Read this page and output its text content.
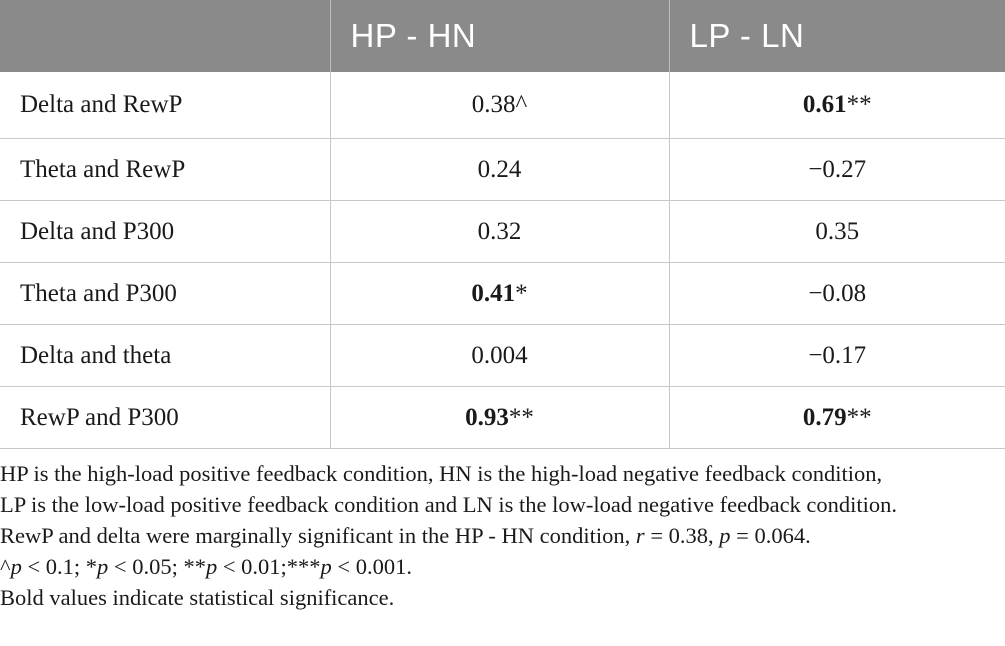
	HP - HN	LP - LN
Delta and RewP	0.38^	0.61**
Theta and RewP	0.24	−0.27
Delta and P300	0.32	0.35
Theta and P300	0.41*	−0.08
Delta and theta	0.004	−0.17
RewP and P300	0.93**	0.79**
HP is the high-load positive feedback condition, HN is the high-load negative feedback condition,
LP is the low-load positive feedback condition and LN is the low-load negative feedback condition.
RewP and delta were marginally significant in the HP - HN condition, r = 0.38, p = 0.064.
^p < 0.1; *p < 0.05; **p < 0.01;***p < 0.001.
Bold values indicate statistical significance.
